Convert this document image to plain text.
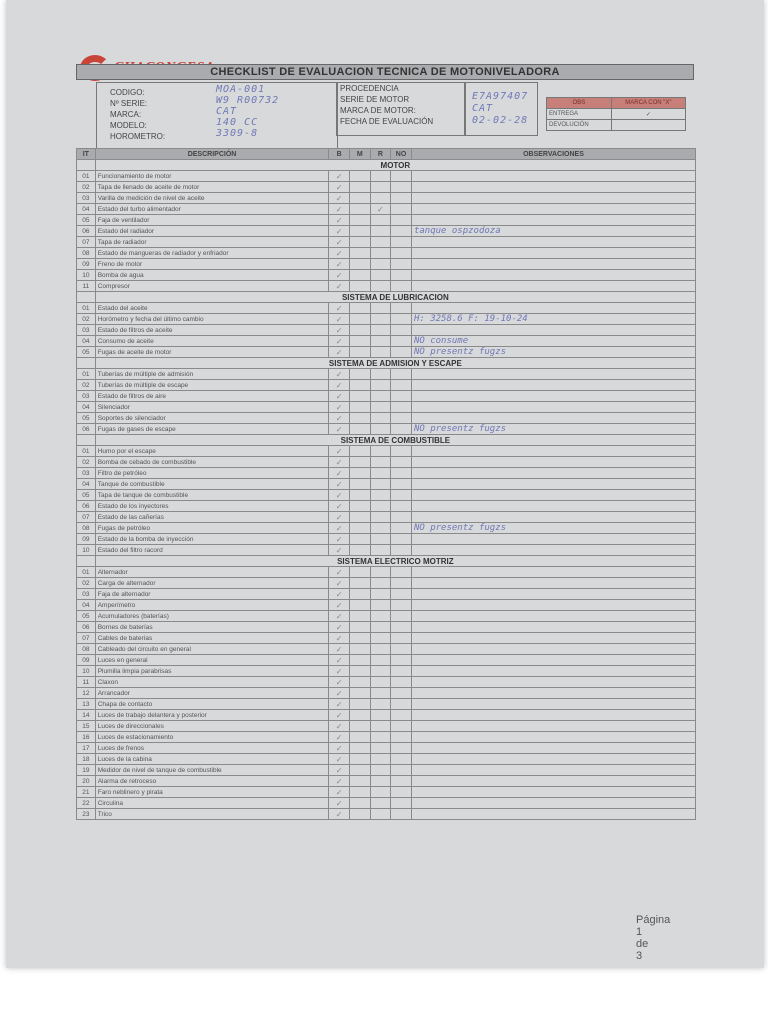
CHECKLIST DE EVALUACION TECNICA DE MOTONIVELADORA
CODIGO:	MOA-001
Nº SERIE:	W9 R00732
MARCA:	CAT
MODELO:	140 CC
HOROMETRO:	3309-8
PROCEDENCIA
SERIE DE MOTOR	E7A97407
MARCA DE MOTOR:	CAT
FECHA DE EVALUACIÓN	02-02-28
OBS	MARCA CON "X"
ENTREGA	✓
DEVOLUCIÓN	
IT	DESCRIPCIÓN	B	M	R	NO	OBSERVACIONES
	MOTOR					
01	Funcionamiento de motor	✓				
02	Tapa de llenado de aceite de motor	✓				
03	Varilla de medición de nivel de aceite	✓				
04	Estado del turbo alimentador	✓		✓		
05	Faja de ventilador	✓				
06	Estado del radiador	✓				tanque ospzodoza
07	Tapa de radiador	✓				
08	Estado de mangueras de radiador y enfriador	✓				
09	Freno de motor	✓				
10	Bomba de agua	✓				
11	Compresor	✓				
	SISTEMA DE LUBRICACION					
01	Estado del aceite	✓				
02	Horómetro y fecha del último cambio	✓				H: 3258.6 F: 19-10-24
03	Estado de filtros de aceite	✓				
04	Consumo de aceite	✓				NO consume
05	Fugas de aceite de motor	✓				NO presentz fugzs
	SISTEMA DE ADMISION Y ESCAPE					
01	Tuberías de múltiple de admisión	✓				
02	Tuberías de múltiple de escape	✓				
03	Estado de filtros de aire	✓				
04	Silenciador	✓				
05	Soportes de silenciador	✓				
06	Fugas de gases de escape	✓				NO presentz fugzs
	SISTEMA DE COMBUSTIBLE					
01	Humo por el escape	✓				
02	Bomba de cebado de combustible	✓				
03	Filtro de petróleo	✓				
04	Tanque de combustible	✓				
05	Tapa de tanque de combustible	✓				
06	Estado de los inyectores	✓				
07	Estado de las cañerías	✓				
08	Fugas de petróleo	✓				NO presentz fugzs
09	Estado de la bomba de inyección	✓				
10	Estado del filtro racord	✓				
	SISTEMA ELECTRICO MOTRIZ					
01	Alternador	✓				
02	Carga de alternador	✓				
03	Faja de alternador	✓				
04	Amperímetro	✓				
05	Acumuladores (baterías)	✓				
06	Bornes de baterías	✓				
07	Cables de baterías	✓				
08	Cableado del circuito en general	✓				
09	Luces en general	✓				
10	Plumilla limpia parabrisas	✓				
11	Claxon	✓				
12	Arrancador	✓				
13	Chapa de contacto	✓				
14	Luces de trabajo delantera y posterior	✓				
15	Luces de direccionales	✓				
16	Luces de estacionamiento	✓				
17	Luces de frenos	✓				
18	Luces de la cabina	✓				
19	Medidor de nivel de tanque de combustible	✓				
20	Alarma de retroceso	✓				
21	Faro neblinero y pirata	✓				
22	Circulina	✓				
23	Trico	✓				
Página 1 de 3
